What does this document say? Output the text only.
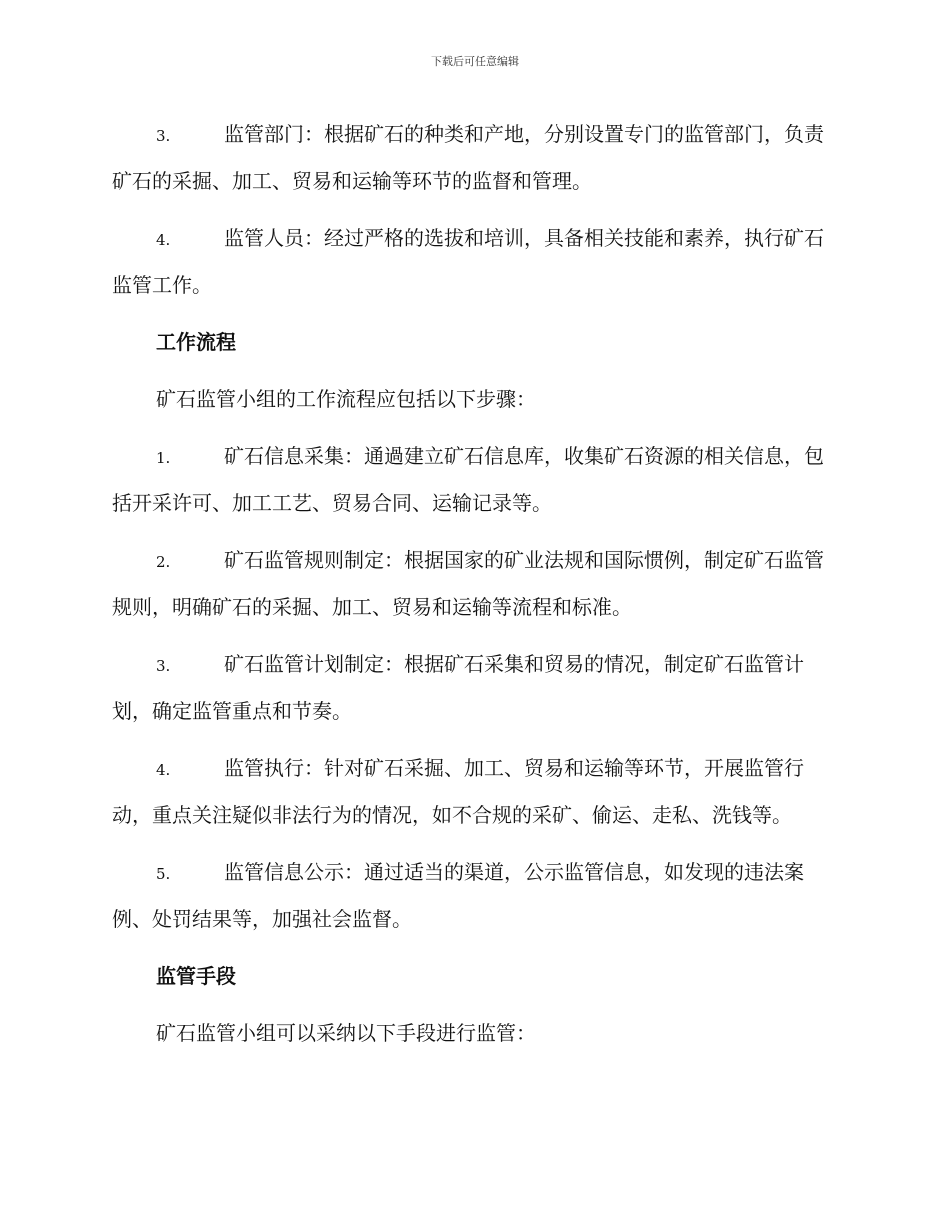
下载后可任意编辑
3.	监管部门：根据矿石的种类和产地，分别设置专门的监管部门，负责矿石的采掘、加工、贸易和运输等环节的监督和管理。
4.	监管人员：经过严格的选拔和培训，具备相关技能和素养，执行矿石监管工作。
工作流程
矿石监管小组的工作流程应包括以下步骤：
1.	矿石信息采集：通過建立矿石信息库，收集矿石资源的相关信息，包括开采许可、加工工艺、贸易合同、运输记录等。
2.	矿石监管规则制定：根据国家的矿业法规和国际惯例，制定矿石监管规则，明确矿石的采掘、加工、贸易和运输等流程和标准。
3.	矿石监管计划制定：根据矿石采集和贸易的情况，制定矿石监管计划，确定监管重点和节奏。
4.	监管执行：针对矿石采掘、加工、贸易和运输等环节，开展监管行动，重点关注疑似非法行为的情况，如不合规的采矿、偷运、走私、洗钱等。
5.	监管信息公示：通过适当的渠道，公示监管信息，如发现的违法案例、处罚结果等，加强社会监督。
监管手段
矿石监管小组可以采纳以下手段进行监管：
